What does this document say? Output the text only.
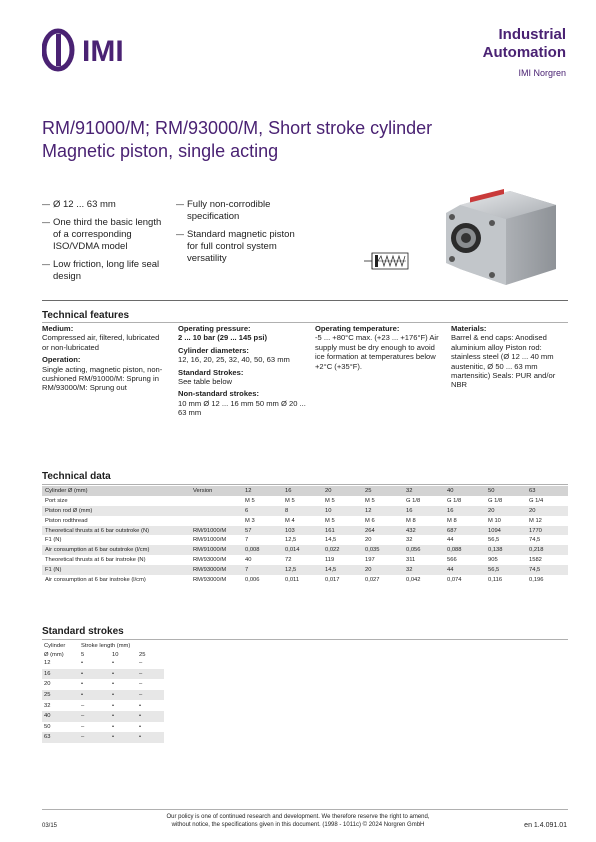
IMI
Industrial
Automation
IMI Norgren
RM/91000/M; RM/93000/M, Short stroke cylinder
Magnetic piston, single acting
— Ø 12 ... 63 mm
— One third the basic length of a corresponding ISO/VDMA model
— Low friction, long life seal design
— Fully non-corrodible specification
— Standard magnetic piston for full control system versatility
Technical features
Medium:
Compressed air, filtered, lubricated or non-lubricated
Operation:
Single acting, magnetic piston, non-cushioned RM/91000/M: Sprung in RM/93000/M: Sprung out
Operating pressure:
2 ... 10 bar (29 ... 145 psi)
Cylinder diameters:
12, 16, 20, 25, 32, 40, 50, 63 mm
Standard Strokes:
See table below
Non-standard strokes:
10 mm Ø 12 ... 16 mm 50 mm Ø 20 ... 63 mm
Operating temperature:
-5 ... +80°C max. (+23 ... +176°F) Air supply must be dry enough to avoid ice formation at temperatures below +2°C (+35°F).
Materials:
Barrel & end caps: Anodised aluminium alloy Piston rod: stainless steel (Ø 12 ... 40 mm austenitic, Ø 50 ... 63 mm martensitic) Seals: PUR and/or NBR
Technical data
Cylinder Ø (mm)	Version	12	16	20	25	32	40	50	63
Port size		M 5	M 5	M 5	M 5	G 1/8	G 1/8	G 1/8	G 1/4
Piston rod Ø (mm)		6	8	10	12	16	16	20	20
Piston rodthread		M 3	M 4	M 5	M 6	M 8	M 8	M 10	M 12
Theoretical thrusts at 6 bar outstroke (N)	RM/91000/M	57	103	161	264	432	687	1094	1770
F1 (N)	RM/91000/M	7	12,5	14,5	20	32	44	56,5	74,5
Air consumption at 6 bar outstroke (l/cm)	RM/91000/M	0,008	0,014	0,022	0,035	0,056	0,088	0,138	0,218
Theoretical thrusts at 6 bar instroke (N)	RM/93000/M	40	72	119	197	311	566	905	1582
F1 (N)	RM/93000/M	7	12,5	14,5	20	32	44	56,5	74,5
Air consumption at 6 bar instroke (l/cm)	RM/93000/M	0,006	0,011	0,017	0,027	0,042	0,074	0,116	0,196
Standard strokes
Cylinder	Stroke length (mm)		
Ø (mm)	5	10	25
12	•	•	–
16	•	•	–
20	•	•	–
25	•	•	–
32	–	•	•
40	–	•	•
50	–	•	•
63	–	•	•
03/15
Our policy is one of continued research and development. We therefore reserve the right to amend,
without notice, the specifications given in this document. (1998 - 1011c) © 2024 Norgren GmbH	en 1.4.091.01
